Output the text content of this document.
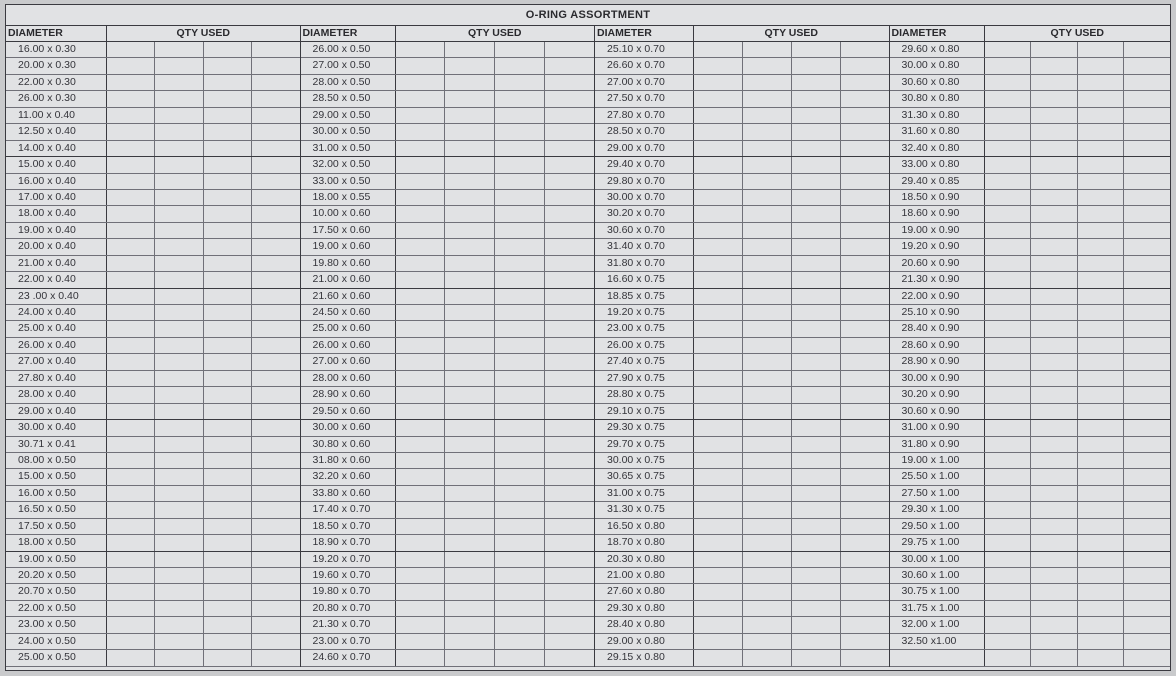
O-RING ASSORTMENT
DIAMETER	QTY USED
16.00 x 0.30
20.00 x 0.30
22.00 x 0.30
26.00 x 0.30
11.00 x 0.40
12.50 x 0.40
14.00 x 0.40
15.00 x 0.40
16.00 x 0.40
17.00 x 0.40
18.00 x 0.40
19.00 x 0.40
20.00 x 0.40
21.00 x 0.40
22.00 x 0.40
23 .00 x 0.40
24.00 x 0.40
25.00 x 0.40
26.00 x 0.40
27.00 x 0.40
27.80 x 0.40
28.00 x 0.40
29.00 x 0.40
30.00 x 0.40
30.71 x 0.41
08.00 x 0.50
15.00 x 0.50
16.00 x 0.50
16.50 x 0.50
17.50 x 0.50
18.00 x 0.50
19.00 x 0.50
20.20 x 0.50
20.70 x 0.50
22.00 x 0.50
23.00 x 0.50
24.00 x 0.50
25.00 x 0.50
DIAMETER	QTY USED
26.00 x 0.50
27.00 x 0.50
28.00 x 0.50
28.50 x 0.50
29.00 x 0.50
30.00 x 0.50
31.00 x 0.50
32.00 x 0.50
33.00 x 0.50
18.00 x 0.55
10.00 x 0.60
17.50 x 0.60
19.00 x 0.60
19.80 x 0.60
21.00 x 0.60
21.60 x 0.60
24.50 x 0.60
25.00 x 0.60
26.00 x 0.60
27.00 x 0.60
28.00 x 0.60
28.90 x 0.60
29.50 x 0.60
30.00 x 0.60
30.80 x 0.60
31.80 x 0.60
32.20 x 0.60
33.80 x 0.60
17.40 x 0.70
18.50 x 0.70
18.90 x 0.70
19.20 x 0.70
19.60 x 0.70
19.80 x 0.70
20.80 x 0.70
21.30 x 0.70
23.00 x 0.70
24.60 x 0.70
DIAMETER	QTY USED
25.10 x 0.70
26.60 x 0.70
27.00 x 0.70
27.50 x 0.70
27.80 x 0.70
28.50 x 0.70
29.00 x 0.70
29.40 x 0.70
29.80 x 0.70
30.00 x 0.70
30.20 x 0.70
30.60 x 0.70
31.40 x 0.70
31.80 x 0.70
16.60 x 0.75
18.85 x 0.75
19.20 x 0.75
23.00 x 0.75
26.00 x 0.75
27.40 x 0.75
27.90 x 0.75
28.80 x 0.75
29.10 x 0.75
29.30 x 0.75
29.70 x 0.75
30.00 x 0.75
30.65 x 0.75
31.00 x 0.75
31.30 x 0.75
16.50 x 0.80
18.70 x 0.80
20.30 x 0.80
21.00 x 0.80
27.60 x 0.80
29.30 x 0.80
28.40 x 0.80
29.00 x 0.80
29.15 x 0.80
DIAMETER	QTY USED
29.60 x 0.80
30.00 x 0.80
30.60 x 0.80
30.80 x 0.80
31.30 x 0.80
31.60 x 0.80
32.40 x 0.80
33.00 x 0.80
29.40 x 0.85
18.50 x 0.90
18.60 x 0.90
19.00 x 0.90
19.20 x 0.90
20.60 x 0.90
21.30 x 0.90
22.00 x 0.90
25.10 x 0.90
28.40 x 0.90
28.60 x 0.90
28.90 x 0.90
30.00 x 0.90
30.20 x 0.90
30.60 x 0.90
31.00 x 0.90
31.80 x 0.90
19.00 x 1.00
25.50 x 1.00
27.50 x 1.00
29.30 x 1.00
29.50 x 1.00
29.75 x 1.00
30.00 x 1.00
30.60 x 1.00
30.75 x 1.00
31.75 x 1.00
32.00 x 1.00
32.50 x1.00
